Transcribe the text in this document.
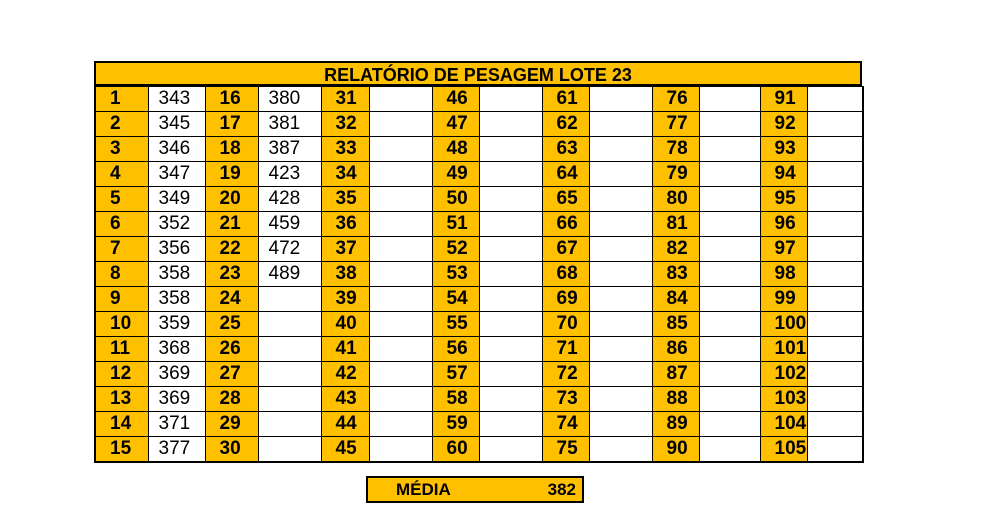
RELATÓRIO DE PESAGEM LOTE 23
1	343	16	380	31		46		61		76		91	
2	345	17	381	32		47		62		77		92	
3	346	18	387	33		48		63		78		93	
4	347	19	423	34		49		64		79		94	
5	349	20	428	35		50		65		80		95	
6	352	21	459	36		51		66		81		96	
7	356	22	472	37		52		67		82		97	
8	358	23	489	38		53		68		83		98	
9	358	24		39		54		69		84		99	
10	359	25		40		55		70		85		100	
11	368	26		41		56		71		86		101	
12	369	27		42		57		72		87		102	
13	369	28		43		58		73		88		103	
14	371	29		44		59		74		89		104	
15	377	30		45		60		75		90		105	
MÉDIA	382
